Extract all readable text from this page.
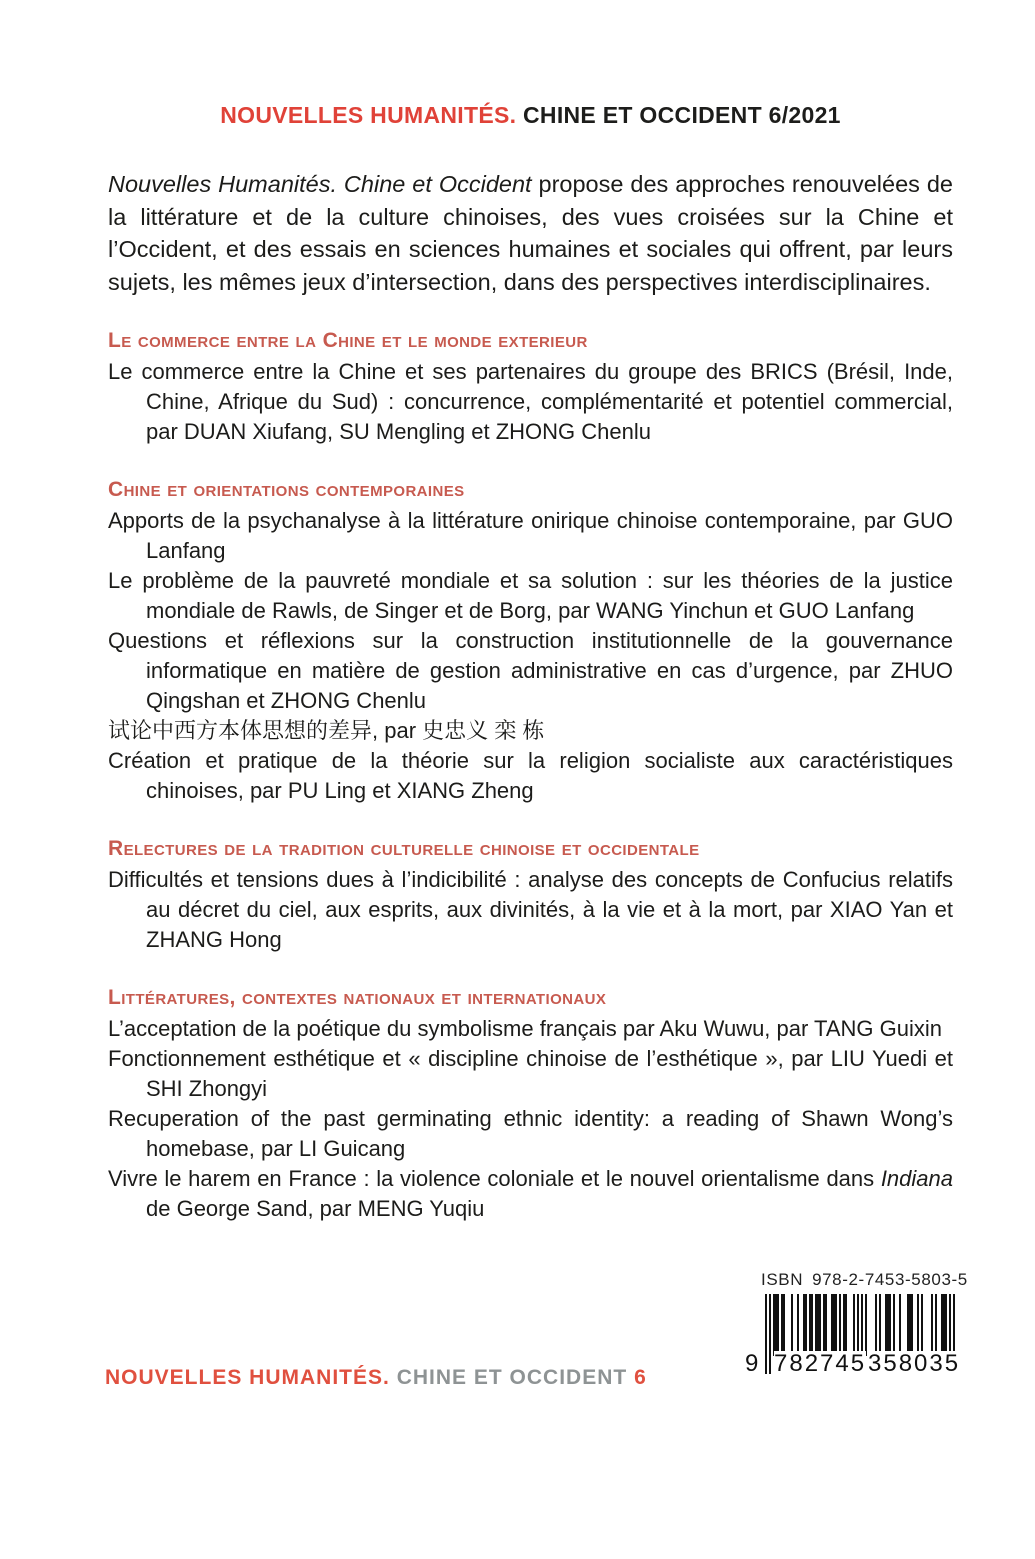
NOUVELLES HUMANITÉS. CHINE ET OCCIDENT 6/2021

Nouvelles Humanités. Chine et Occident propose des approches renouvelées de la littérature et de la culture chinoises, des vues croisées sur la Chine et l’Occident, et des essais en sciences humaines et sociales qui offrent, par leurs sujets, les mêmes jeux d’intersection, dans des perspectives interdisciplinaires.

Le commerce entre la Chine et le monde exterieur

Le commerce entre la Chine et ses partenaires du groupe des BRICS (Brésil, Inde, Chine, Afrique du Sud) : concurrence, complémentarité et potentiel commercial, par DUAN Xiufang, SU Mengling et ZHONG Chenlu

Chine et orientations contemporaines

Apports de la psychanalyse à la littérature onirique chinoise contemporaine, par GUO Lanfang

Le problème de la pauvreté mondiale et sa solution : sur les théories de la justice mondiale de Rawls, de Singer et de Borg, par WANG Yinchun et GUO Lanfang

Questions et réflexions sur la construction institutionnelle de la gouvernance informatique en matière de gestion administrative en cas d’urgence, par ZHUO Qingshan et ZHONG Chenlu

试论中西方本体思想的差异, par 史忠义 栾 栋

Création et pratique de la théorie sur la religion socialiste aux caractéristiques chinoises, par PU Ling et XIANG Zheng

Relectures de la tradition culturelle chinoise et occidentale

Difficultés et tensions dues à l’indicibilité : analyse des concepts de Confucius relatifs au décret du ciel, aux esprits, aux divinités, à la vie et à la mort, par XIAO Yan et ZHANG Hong

Littératures, contextes nationaux et internationaux

L’acceptation de la poétique du symbolisme français par Aku Wuwu, par TANG Guixin

Fonctionnement esthétique et « discipline chinoise de l’esthétique », par LIU Yuedi et SHI Zhongyi

Recuperation of the past germinating ethnic identity: a reading of Shawn Wong’s homebase, par LI Guicang

Vivre le harem en France : la violence coloniale et le nouvel orientalisme dans Indiana de George Sand, par MENG Yuqiu

ISBN 978-2-7453-5803-5
9 782745 358035
NOUVELLES HUMANITÉS. CHINE ET OCCIDENT 6
